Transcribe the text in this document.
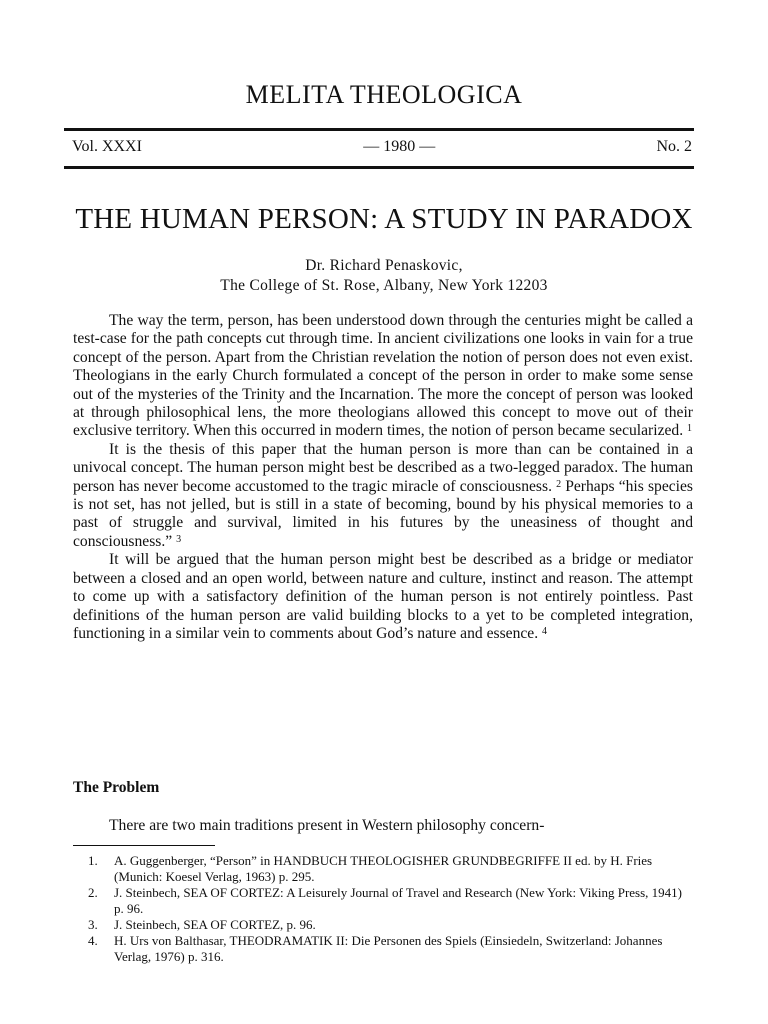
MELITA THEOLOGICA
Vol. XXXI	— 1980 —	No. 2
THE HUMAN PERSON: A STUDY IN PARADOX
Dr. Richard Penaskovic,
The College of St. Rose, Albany, New York 12203

The way the term, person, has been understood down through the centuries might be called a test-case for the path concepts cut through time. In ancient civilizations one looks in vain for a true concept of the person. Apart from the Christian revelation the notion of person does not even exist. Theologians in the early Church formulated a concept of the person in order to make some sense out of the mysteries of the Trinity and the Incarnation. The more the concept of person was looked at through philosophical lens, the more theologians allowed this concept to move out of their exclusive territory. When this occurred in modern times, the notion of person became secularized. $^1$

It is the thesis of this paper that the human person is more than can be contained in a univocal concept. The human person might best be described as a two-legged paradox. The human person has never become accustomed to the tragic miracle of consciousness. $^2$ Perhaps “his species is not set, has not jelled, but is still in a state of becoming, bound by his physical memories to a past of struggle and survival, limited in his futures by the uneasiness of thought and consciousness.” $^3$

It will be argued that the human person might best be described as a bridge or mediator between a closed and an open world, between nature and culture, instinct and reason. The attempt to come up with a satisfactory definition of the human person is not entirely pointless. Past definitions of the human person are valid building blocks to a yet to be completed integration, functioning in a similar vein to comments about God’s nature and essence. $^4$

The Problem
There are two main traditions present in Western philosophy concern-
1.	A. Guggenberger, “Person” in HANDBUCH THEOLOGISHER GRUNDBEGRIFFE II ed. by H. Fries (Munich: Koesel Verlag, 1963) p. 295.
2.	J. Steinbech, SEA OF CORTEZ: A Leisurely Journal of Travel and Research (New York: Viking Press, 1941) p. 96.
3.	J. Steinbech, SEA OF CORTEZ, p. 96.
4.	H. Urs von Balthasar, THEODRAMATIK II: Die Personen des Spiels (Einsiedeln, Switzerland: Johannes Verlag, 1976) p. 316.
